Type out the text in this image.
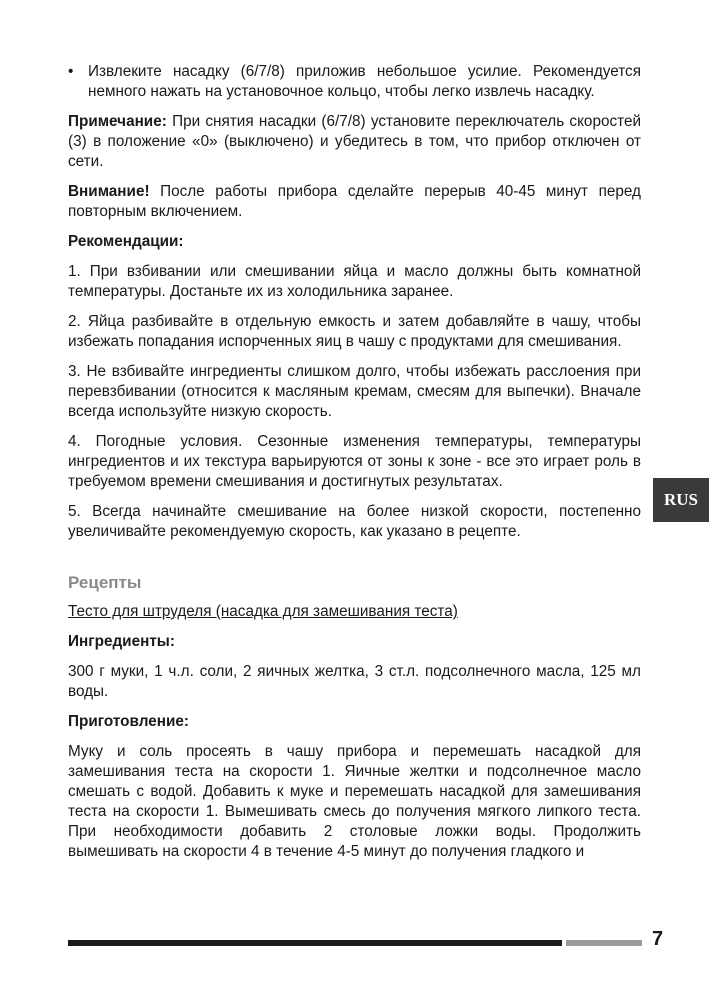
• Извлеките насадку (6/7/8) приложив небольшое усилие. Рекомендуется немного нажать на установочное кольцо, чтобы легко извлечь насадку.

Примечание: При снятия насадки (6/7/8) установите переключатель скоростей (3) в положение «0» (выключено) и убедитесь в том, что прибор отключен от сети.

Внимание! После работы прибора сделайте перерыв 40-45 минут перед повторным включением.

Рекомендации:

1. При взбивании или смешивании яйца и масло должны быть комнатной температуры. Достаньте их из холодильника заранее.

2. Яйца разбивайте в отдельную емкость и затем добавляйте в чашу, чтобы избежать попадания испорченных яиц в чашу с продуктами для смешивания.

3. Не взбивайте ингредиенты слишком долго, чтобы избежать расслоения при перевзбивании (относится к масляным кремам, смесям для выпечки). Вначале всегда используйте низкую скорость.

4. Погодные условия. Сезонные изменения температуры, температуры ингредиентов и их текстура варьируются от зоны к зоне - все это играет роль в требуемом времени смешивания и достигнутых результатах.

5. Всегда начинайте смешивание на более низкой скорости, постепенно увеличивайте рекомендуемую скорость, как указано в рецепте.

Рецепты
Тесто для штруделя (насадка для замешивания теста)
Ингредиенты:

300 г муки, 1 ч.л. соли, 2 яичных желтка, 3 ст.л. подсолнечного масла, 125 мл воды.

Приготовление:

Муку и соль просеять в чашу прибора и перемешать насадкой для замешивания теста на скорости 1. Яичные желтки и подсолнечное масло смешать с водой. Добавить к муке и перемешать насадкой для замешивания теста на скорости 1. Вымешивать смесь до получения мягкого липкого теста. При необходимости добавить 2 столовые ложки воды. Продолжить вымешивать на скорости 4 в течение 4-5 минут до получения гладкого и

RUS
7
